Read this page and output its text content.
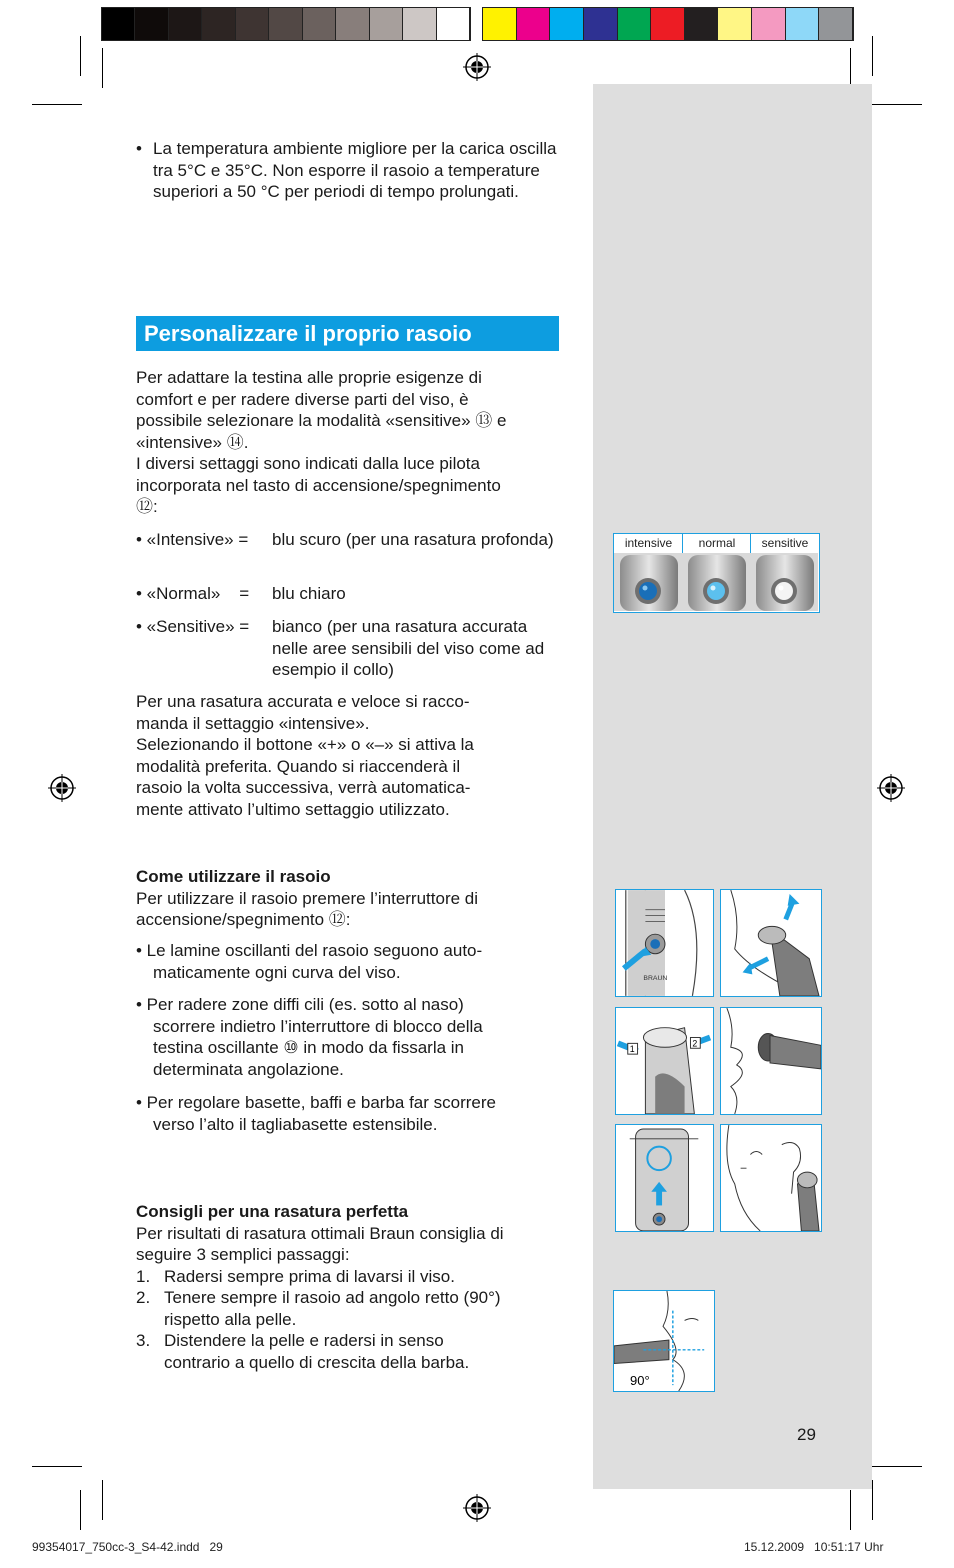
• La temperatura ambiente migliore per la carica oscilla tra 5°C e 35°C. Non esporre il rasoio a temperature superiori a 50 °C per periodi di tempo prolungati.
Personalizzare il proprio rasoio
Per adattare la testina alle proprie esigenze di
comfort e per radere diverse parti del viso, è
possibile selezionare la modalità «sensitive» ⑬ e
«intensive» ⑭.
I diversi settaggi sono indicati dalla luce pilota
incorporata nel tasto di accensione/spegnimento
⑫:
• «Intensive» = blu scuro (per una rasatura profonda)
• «Normal»    = blu chiaro
• «Sensitive» = bianco (per una rasatura accurata nelle aree sensibili del viso come ad esempio il collo)
Per una rasatura accurata e veloce si racco-
manda il settaggio «intensive».
Selezionando il bottone «+» o «–» si attiva la
modalità preferita. Quando si riaccenderà il
rasoio la volta successiva, verrà automatica-
mente attivato l’ultimo settaggio utilizzato.
Come utilizzare il rasoio
Per utilizzare il rasoio premere l’interruttore di
accensione/spegnimento ⑫:
• Le lamine oscillanti del rasoio seguono auto-
maticamente ogni curva del viso.
• Per radere zone diffi cili (es. sotto al naso)
scorrere indietro l’interruttore di blocco della
testina oscillante ⑩ in modo da fissarla in
determinata angolazione.
• Per regolare basette, baffi e barba far scorrere
verso l’alto il tagliabasette estensibile.
Consigli per una rasatura perfetta
Per risultati di rasatura ottimali Braun consiglia di
seguire 3 semplici passaggi:
1. Radersi sempre prima di lavarsi il viso.
2. Tenere sempre il rasoio ad angolo retto (90°)
rispetto alla pelle.
3. Distendere la pelle e radersi in senso
contrario a quello di crescita della barba.
intensive	normal	sensitive
BRAUN
1
2
90°
29
99354017_750cc-3_S4-42.indd   29	15.12.2009   10:51:17 Uhr
